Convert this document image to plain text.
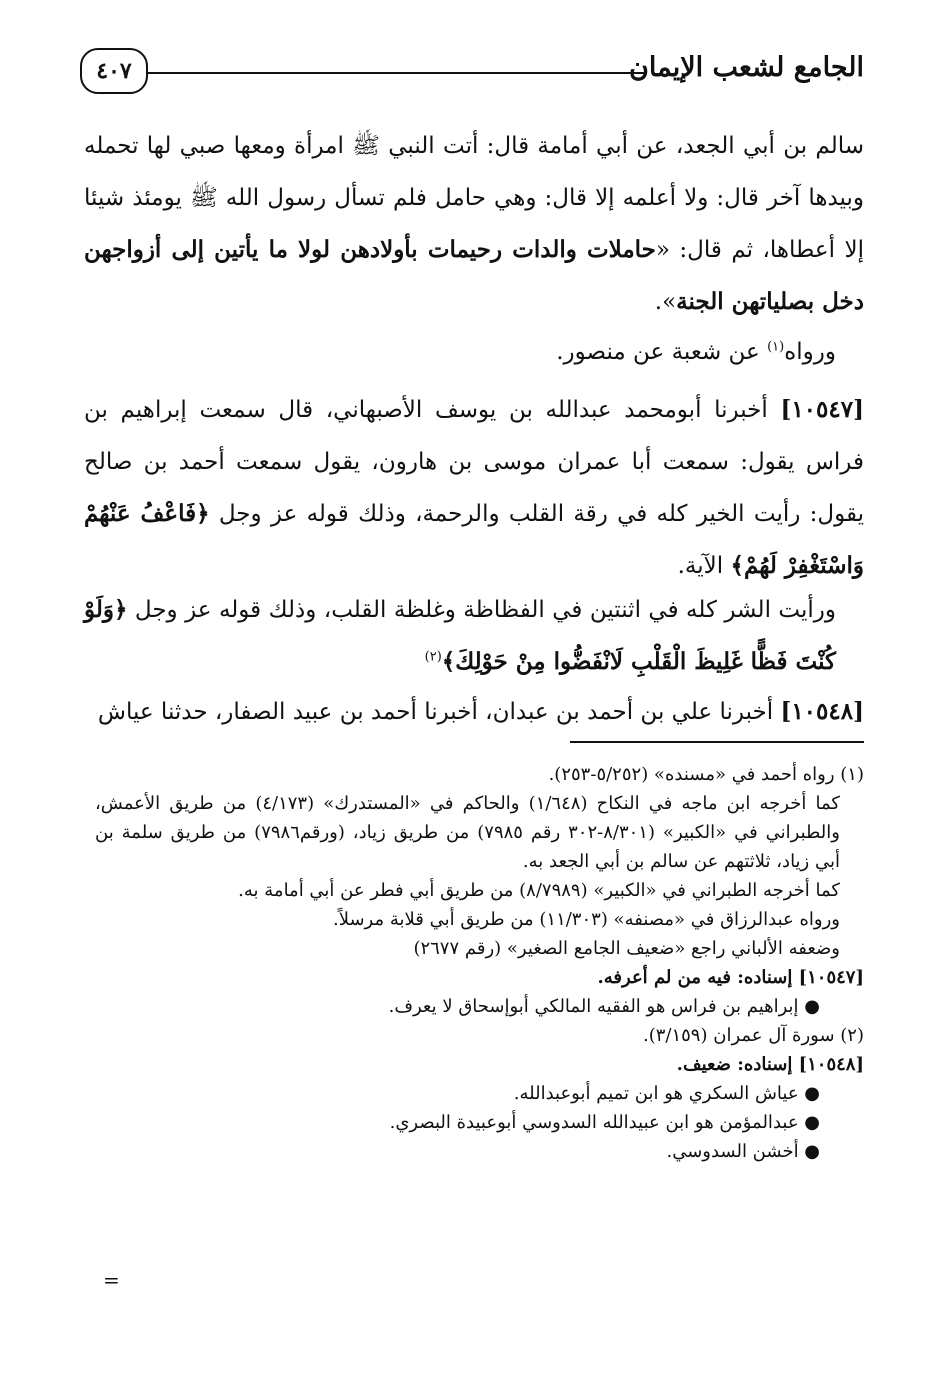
الجامع لشعب الإيمان
٤٠٧

سالم بن أبي الجعد، عن أبي أمامة قال: أتت النبي ﷺ امرأة ومعها صبي لها تحمله وبيدها آخر قال: ولا أعلمه إلا قال: وهي حامل فلم تسأل رسول الله ﷺ يومئذ شيئا إلا أعطاها، ثم قال: «حاملات والدات رحيمات بأولادهن لولا ما يأتين إلى أزواجهن دخل بصلياتهن الجنة».

ورواه$^{(١)}$ عن شعبة عن منصور.

[١٠٥٤٧] أخبرنا أبومحمد عبدالله بن يوسف الأصبهاني، قال سمعت إبراهيم بن فراس يقول: سمعت أبا عمران موسى بن هارون، يقول سمعت أحمد بن صالح يقول: رأيت الخير كله في رقة القلب والرحمة، وذلك قوله عز وجل ﴿فَاعْفُ عَنْهُمْ وَاسْتَغْفِرْ لَهُمْ﴾ الآية.

ورأيت الشر كله في اثنتين في الفظاظة وغلظة القلب، وذلك قوله عز وجل ﴿وَلَوْ كُنْتَ فَظًّا غَلِيظَ الْقَلْبِ لَانْفَضُّوا مِنْ حَوْلِكَ﴾$^{(٢)}$

[١٠٥٤٨] أخبرنا علي بن أحمد بن عبدان، أخبرنا أحمد بن عبيد الصفار، حدثنا عياش

(١) رواه أحمد في «مسنده» (٥/٢٥٢-٢٥٣).

كما أخرجه ابن ماجه في النكاح (١/٦٤٨) والحاكم في «المستدرك» (٤/١٧٣) من طريق الأعمش، والطبراني في «الكبير» (٨/٣٠١-٣٠٢ رقم ٧٩٨٥) من طريق زياد، (ورقم٧٩٨٦) من طريق سلمة بن أبي زياد، ثلاثتهم عن سالم بن أبي الجعد به.

كما أخرجه الطبراني في «الكبير» (٨/٧٩٨٩) من طريق أبي فطر عن أبي أمامة به.

ورواه عبدالرزاق في «مصنفه» (١١/٣٠٣) من طريق أبي قلابة مرسلاً.

وضعفه الألباني راجع «ضعيف الجامع الصغير» (رقم ٢٦٧٧)

[١٠٥٤٧] إسناده: فيه من لم أعرفه.

● إبراهيم بن فراس هو الفقيه المالكي أبوإسحاق لا يعرف.

(٢) سورة آل عمران (٣/١٥٩).

[١٠٥٤٨] إسناده: ضعيف.

● عياش السكري هو ابن تميم أبوعبدالله.

● عبدالمؤمن هو ابن عبيدالله السدوسي أبوعبيدة البصري.

● أخشن السدوسي.

=
